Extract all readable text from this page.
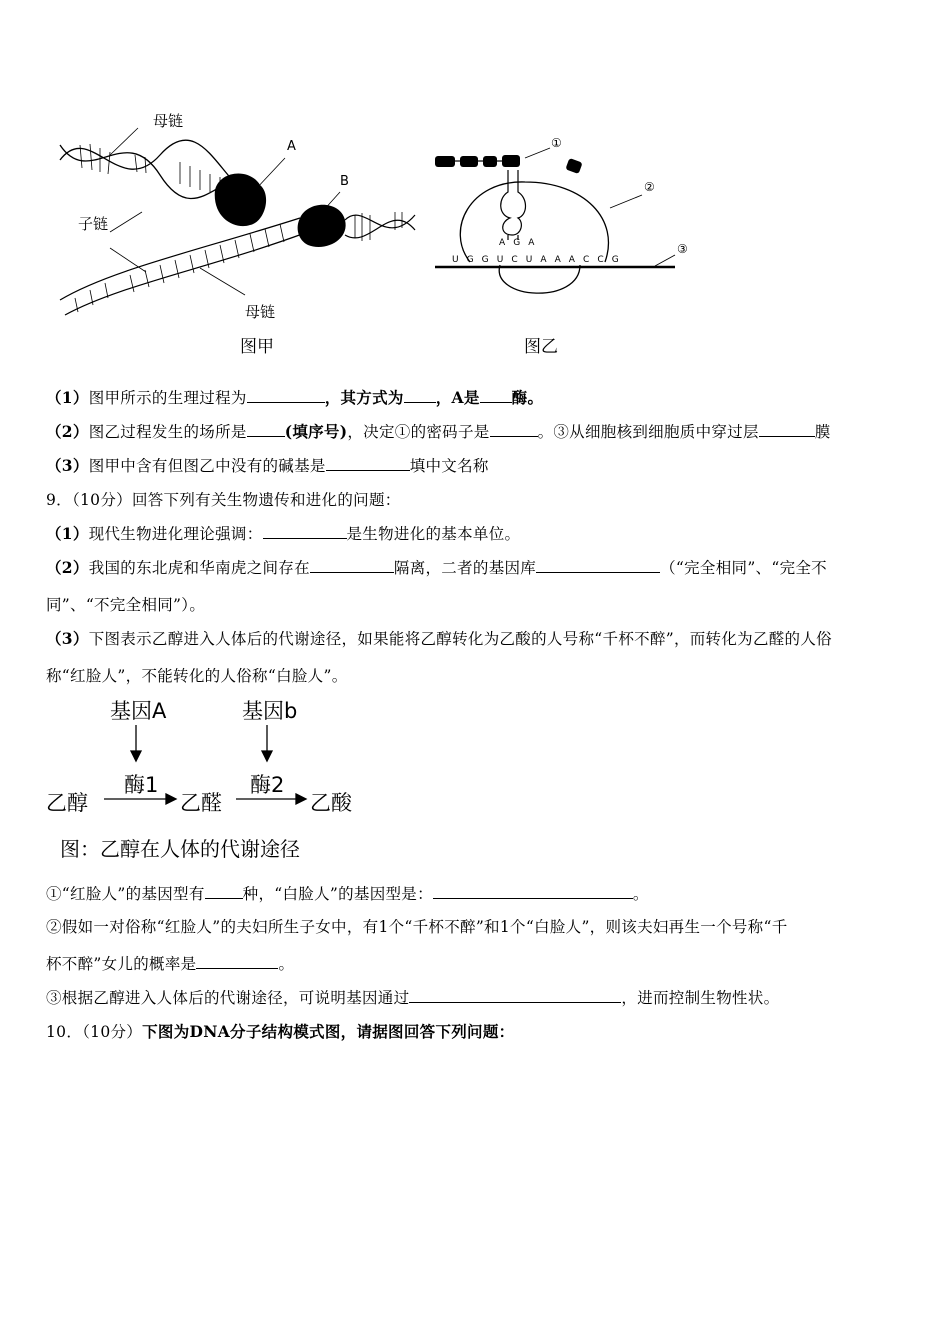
母链
A
B
子链
母链
图甲
①
②
③
A G A
U G G U C U A A A C C G
图乙
（1）图甲所示的生理过程为	，其方式为 ，A是 酶。
（2）图乙过程发生的场所是 (填序号)，决定①的密码子是	。③从细胞核到细胞质中穿过层	膜
（3）图甲中含有但图乙中没有的碱基是	填中文名称
9．（10分）回答下列有关生物遗传和进化的问题：
（1）现代生物进化理论强调：	是生物进化的基本单位。
（2）我国的东北虎和华南虎之间存在	隔离，二者的基因库	（“完全相同”、“完全不
同”、“不完全相同”）。
（3）下图表示乙醇进入人体后的代谢途径，如果能将乙醇转化为乙酸的人号称“千杯不醉”，而转化为乙醛的人俗
称“红脸人”，不能转化的人俗称“白脸人”。
基因A	基因b
酶1	酶2
乙醇	乙醛	乙酸
图：乙醇在人体的代谢途径
①“红脸人”的基因型有 种，“白脸人”的基因型是：	。
②假如一对俗称“红脸人”的夫妇所生子女中，有1个“千杯不醉”和1个“白脸人”，则该夫妇再生一个号称“千
杯不醉”女儿的概率是	。
③根据乙醇进入人体后的代谢途径，可说明基因通过	，进而控制生物性状。
10．（10分）下图为DNA分子结构模式图，请据图回答下列问题：
